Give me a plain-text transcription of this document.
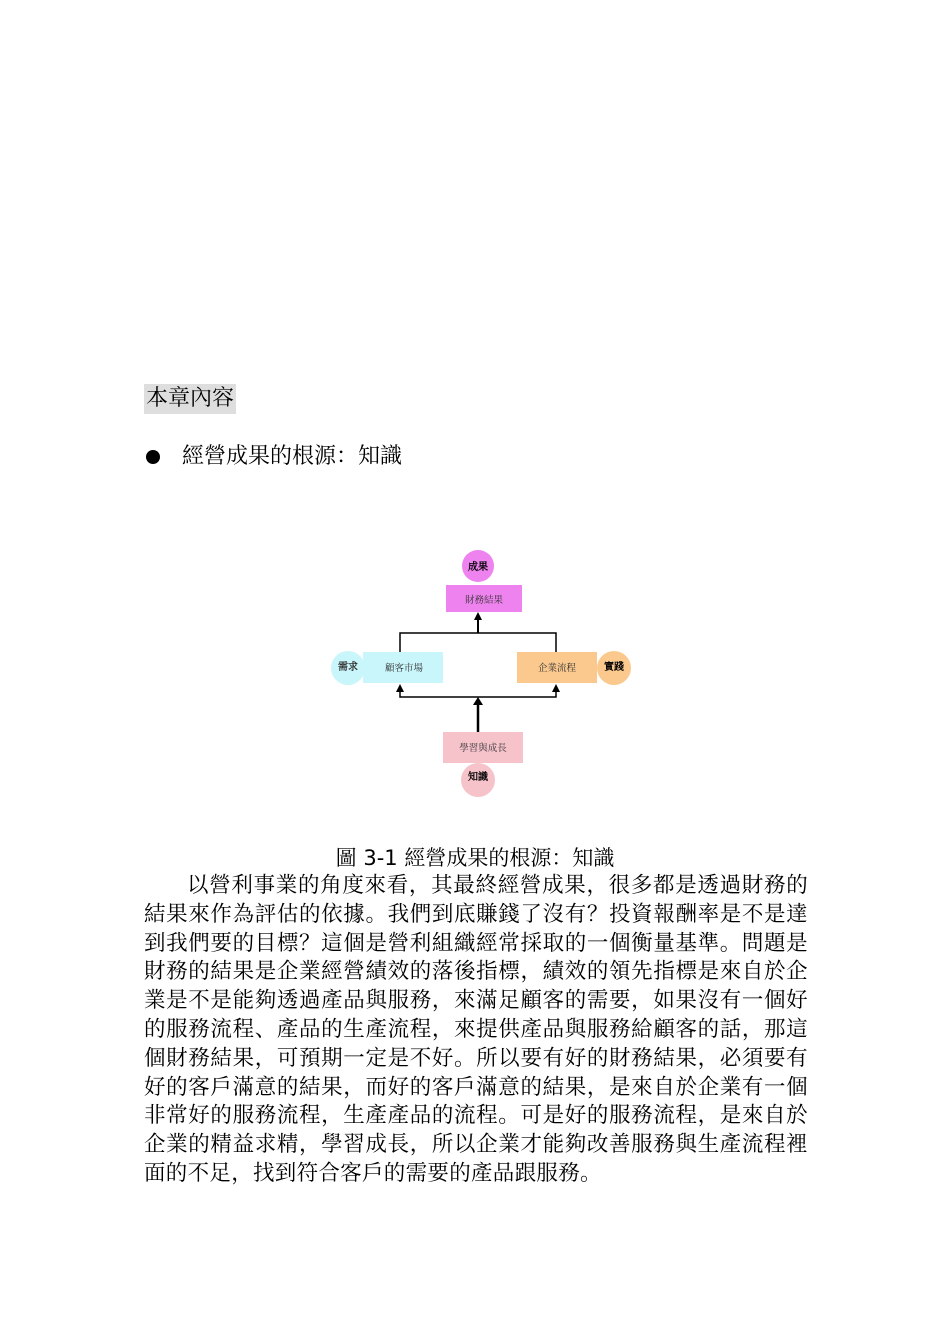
本章內容
經營成果的根源：知識
成果
財務結果
需求	顧客市場	企業流程	實踐
學習與成長
知識
圖 3-1 經營成果的根源：知識

以營利事業的角度來看，其最終經營成果，很多都是透過財務的結果來作為評估的依據。我們到底賺錢了沒有？投資報酬率是不是達到我們要的目標？這個是營利組織經常採取的一個衡量基準。問題是財務的結果是企業經營績效的落後指標，績效的領先指標是來自於企業是不是能夠透過產品與服務，來滿足顧客的需要，如果沒有一個好的服務流程、產品的生產流程，來提供產品與服務給顧客的話，那這個財務結果，可預期一定是不好。所以要有好的財務結果，必須要有好的客戶滿意的結果，而好的客戶滿意的結果，是來自於企業有一個非常好的服務流程，生產產品的流程。可是好的服務流程，是來自於企業的精益求精，學習成長，所以企業才能夠改善服務與生產流程裡面的不足，找到符合客戶的需要的產品跟服務。
